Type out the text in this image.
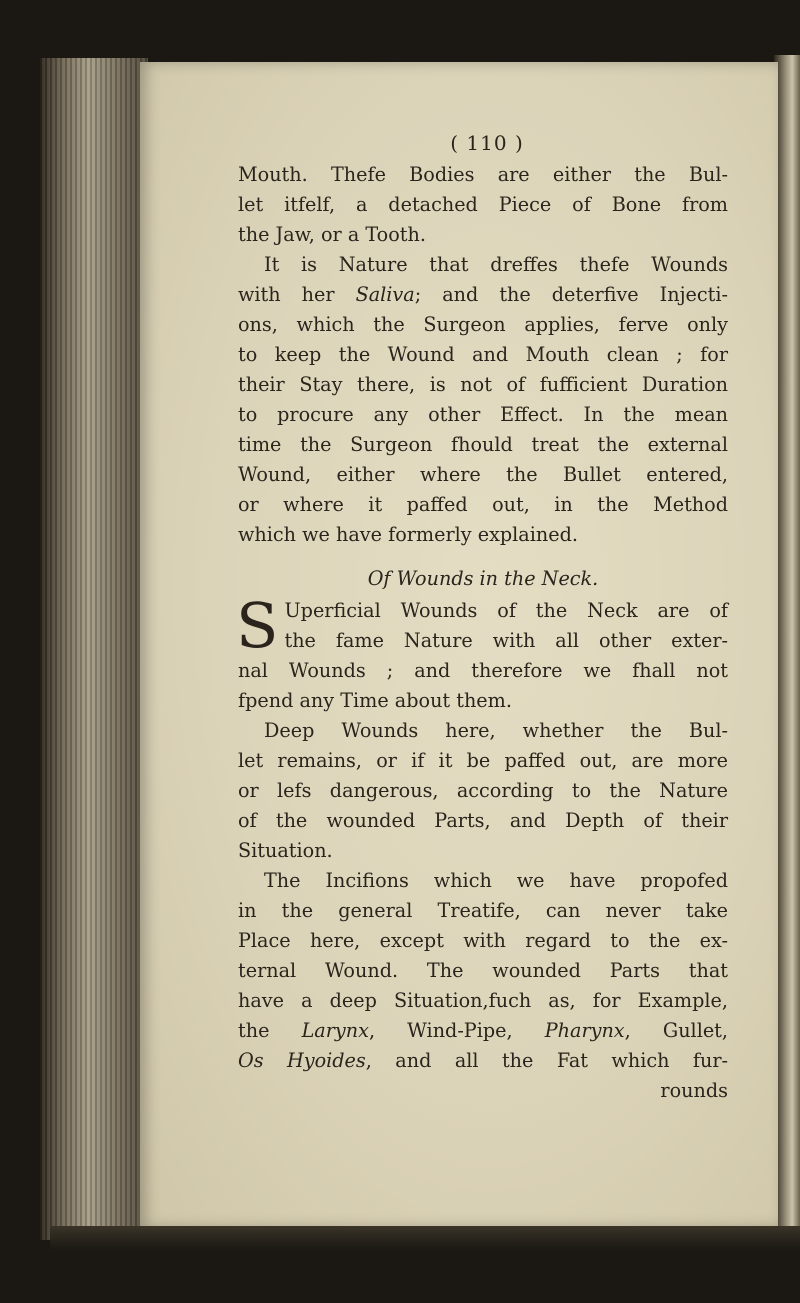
( 110 )
Mouth. Thefe Bodies are either the Bul-
let itfelf, a detached Piece of Bone from
the Jaw, or a Tooth.
It is Nature that dreffes thefe Wounds
with her Saliva; and the deterfive Injecti-
ons, which the Surgeon applies, ferve only
to keep the Wound and Mouth clean ; for
their Stay there, is not of fufficient Duration
to procure any other Effect. In the mean
time the Surgeon fhould treat the external
Wound, either where the Bullet entered,
or where it paffed out, in the Method
which we have formerly explained.
Of Wounds in the Neck.
S Uperficial Wounds of the Neck are of
the fame Nature with all other exter-
nal Wounds ; and therefore we fhall not
fpend any Time about them.
Deep Wounds here, whether the Bul-
let remains, or if it be paffed out, are more
or lefs dangerous, according to the Nature
of the wounded Parts, and Depth of their
Situation.
The Incifions which we have propofed
in the general Treatife, can never take
Place here, except with regard to the ex-
ternal Wound. The wounded Parts that
have a deep Situation,fuch as, for Example,
the Larynx, Wind-Pipe, Pharynx, Gullet,
Os Hyoides, and all the Fat which fur-
rounds
